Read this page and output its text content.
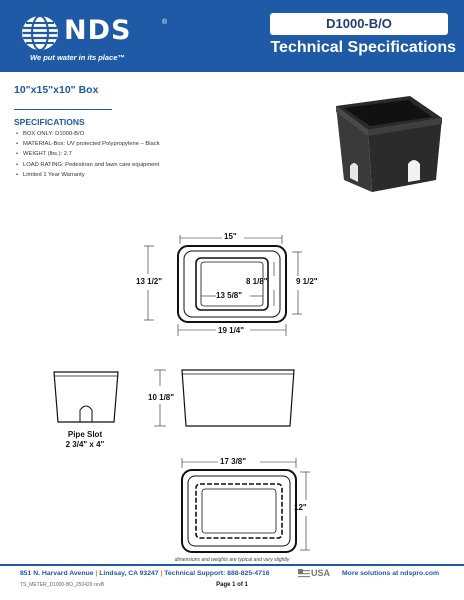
NDS	®
We put water in its place™
D1000-B/O
Technical Specifications
10"x15"x10" Box
SPECIFICATIONS
• BOX ONLY: D1000-B/O
• MATERIAL-Box: UV protected Polypropylene – Black
• WEIGHT (lbs.): 2.7
• LOAD RATING: Pedestrian and lawn care equipment
• Limited 1 Year Warranty
15"
13 1/2"	8 1/8"	9 1/2"
13 5/8"
19 1/4"
Pipe Slot
2 3/4" x 4"
10 1/8"
17 3/8"
12"
dimensions and weights are typical and vary slightly
851 N. Harvard Avenue | Lindsay, CA 93247 | Technical Support: 888-825-4716	USA More solutions at ndspro.com
TS_METER_D1000-BO_250429 revB	Page 1 of 1
